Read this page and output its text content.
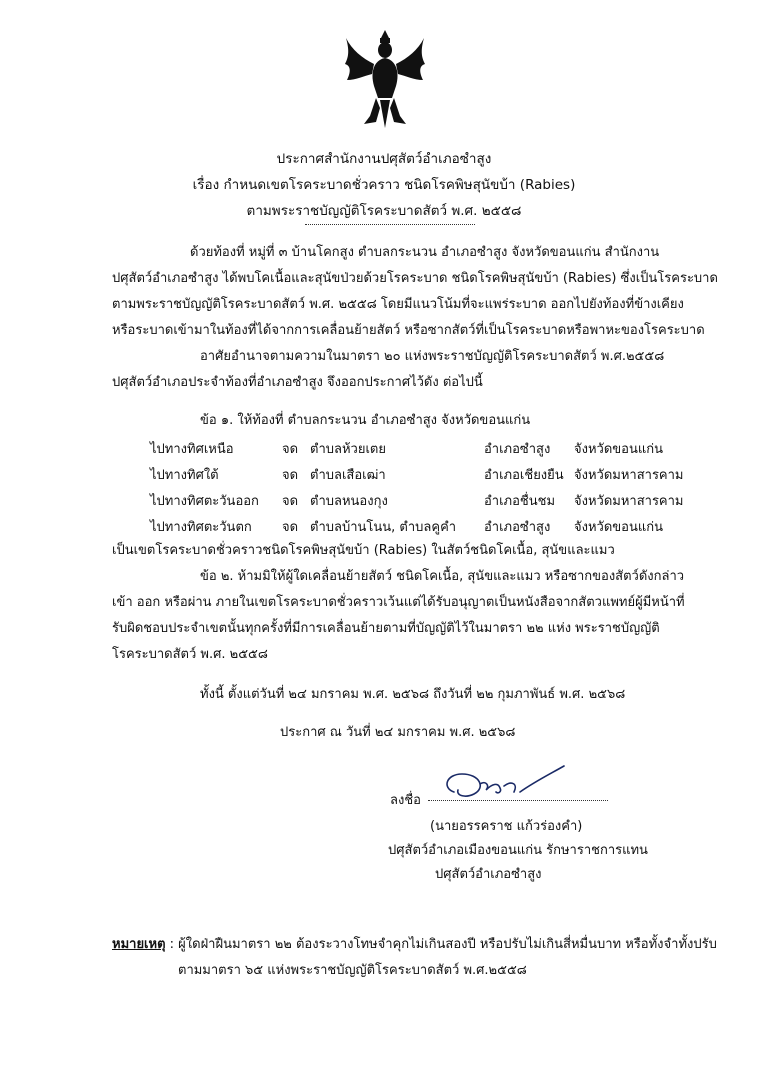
ประกาศสำนักงานปศุสัตว์อำเภอซำสูง
เรื่อง กำหนดเขตโรคระบาดชั่วคราว ชนิดโรคพิษสุนัขบ้า (Rabies)
ตามพระราชบัญญัติโรคระบาดสัตว์ พ.ศ. ๒๕๕๘
ด้วยท้องที่ หมู่ที่ ๓ บ้านโคกสูง ตำบลกระนวน อำเภอซำสูง จังหวัดขอนแก่น สำนักงาน
ปศุสัตว์อำเภอซำสูง ได้พบโคเนื้อและสุนัขป่วยด้วยโรคระบาด ชนิดโรคพิษสุนัขบ้า (Rabies) ซึ่งเป็นโรคระบาด
ตามพระราชบัญญัติโรคระบาดสัตว์ พ.ศ. ๒๕๕๘ โดยมีแนวโน้มที่จะแพร่ระบาด ออกไปยังท้องที่ข้างเคียง
หรือระบาดเข้ามาในท้องที่ได้จากการเคลื่อนย้ายสัตว์ หรือซากสัตว์ที่เป็นโรคระบาดหรือพาหะของโรคระบาด
อาศัยอำนาจตามความในมาตรา ๒๐ แห่งพระราชบัญญัติโรคระบาดสัตว์ พ.ศ.๒๕๕๘
ปศุสัตว์อำเภอประจำท้องที่อำเภอซำสูง จึงออกประกาศไว้ดัง ต่อไปนี้
ข้อ ๑. ให้ท้องที่ ตำบลกระนวน อำเภอซำสูง จังหวัดขอนแก่น
ไปทางทิศเหนือ	จด ตำบลห้วยเตย	อำเภอซำสูง จังหวัดขอนแก่น
ไปทางทิศใต้	จด ตำบลเสือเฒ่า	อำเภอเชียงยืน จังหวัดมหาสารคาม
ไปทางทิศตะวันออก จด ตำบลหนองกุง	อำเภอชื่นชม จังหวัดมหาสารคาม
ไปทางทิศตะวันตก จด ตำบลบ้านโนน, ตำบลคูคำ อำเภอซำสูง จังหวัดขอนแก่น
เป็นเขตโรคระบาดชั่วคราวชนิดโรคพิษสุนัขบ้า (Rabies) ในสัตว์ชนิดโคเนื้อ, สุนัขและแมว
ข้อ ๒. ห้ามมิให้ผู้ใดเคลื่อนย้ายสัตว์ ชนิดโคเนื้อ, สุนัขและแมว หรือซากของสัตว์ดังกล่าว
เข้า ออก หรือผ่าน ภายในเขตโรคระบาดชั่วคราวเว้นแต่ได้รับอนุญาตเป็นหนังสือจากสัตวแพทย์ผู้มีหน้าที่
รับผิดชอบประจำเขตนั้นทุกครั้งที่มีการเคลื่อนย้ายตามที่บัญญัติไว้ในมาตรา ๒๒ แห่ง พระราชบัญญัติ
โรคระบาดสัตว์ พ.ศ. ๒๕๕๘
ทั้งนี้ ตั้งแต่วันที่ ๒๔ มกราคม พ.ศ. ๒๕๖๘ ถึงวันที่ ๒๒ กุมภาพันธ์ พ.ศ. ๒๕๖๘
ประกาศ ณ วันที่ ๒๔ มกราคม พ.ศ. ๒๕๖๘
ลงชื่อ
(นายอรรคราช แก้วร่องคำ)
ปศุสัตว์อำเภอเมืองขอนแก่น รักษาราชการแทน
ปศุสัตว์อำเภอซำสูง
หมายเหตุ : ผู้ใดฝ่าฝืนมาตรา ๒๒ ต้องระวางโทษจำคุกไม่เกินสองปี หรือปรับไม่เกินสี่หมื่นบาท หรือทั้งจำทั้งปรับ
ตามมาตรา ๖๕ แห่งพระราชบัญญัติโรคระบาดสัตว์ พ.ศ.๒๕๕๘
